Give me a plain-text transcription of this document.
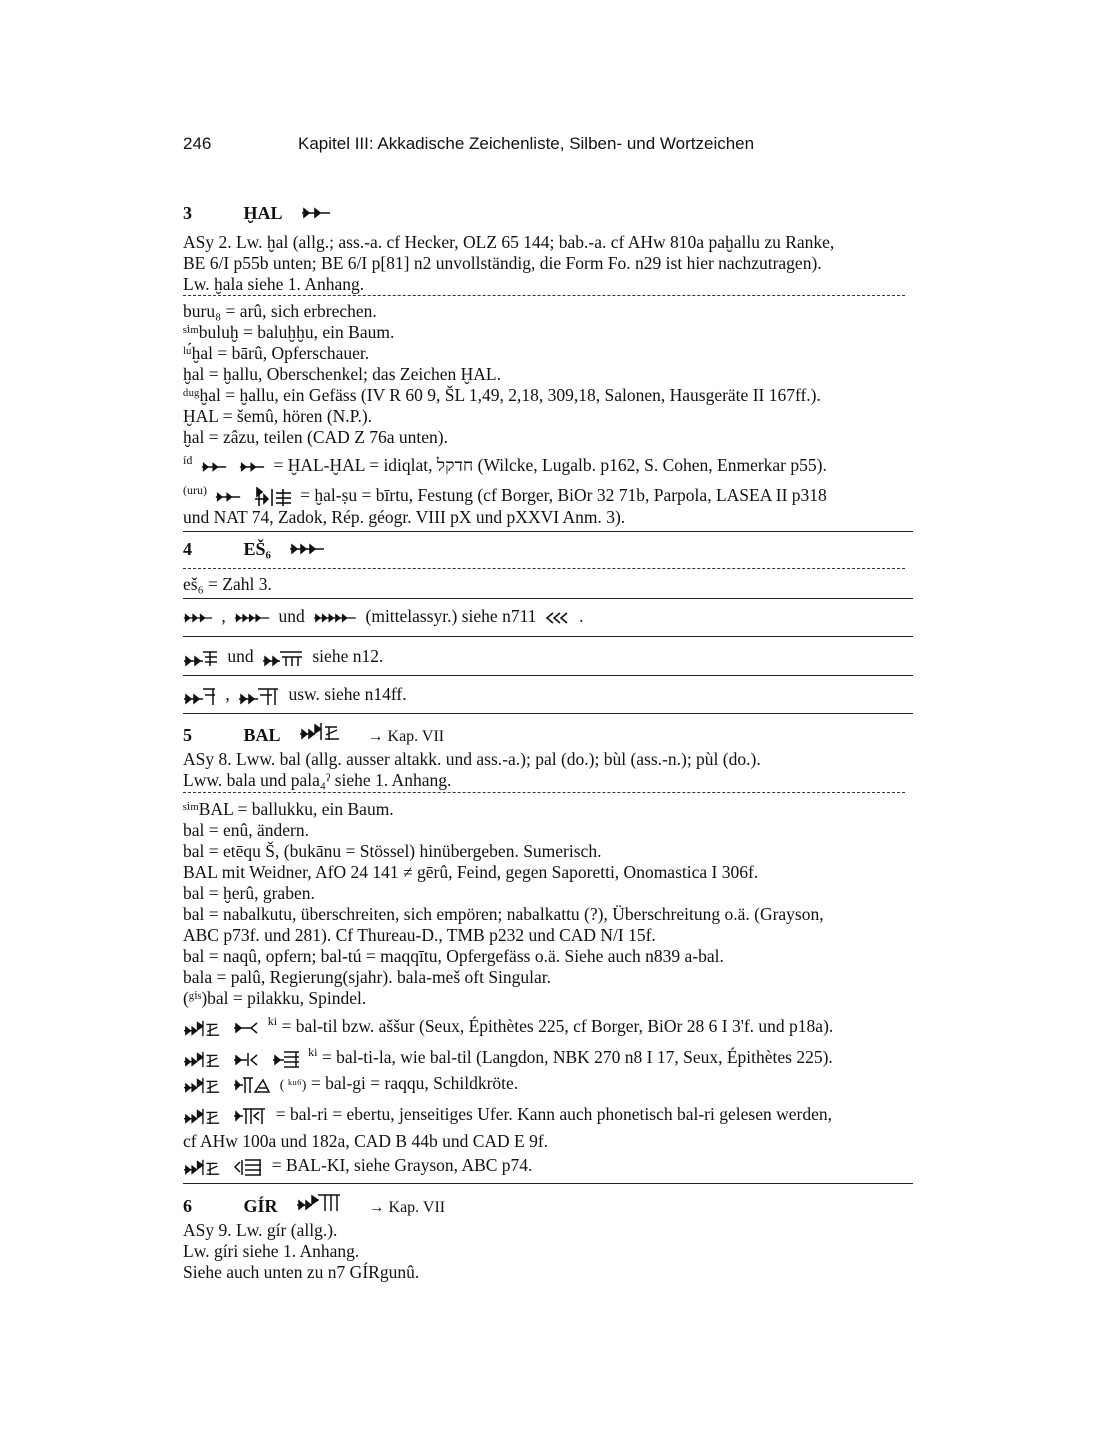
246	Kapitel III: Akkadische Zeichenliste, Silben- und Wortzeichen
3	ḪAL
ASy 2. Lw. ḫal (allg.; ass.-a. cf Hecker, OLZ 65 144; bab.-a. cf AHw 810a paḫallu zu Ranke,
BE 6/I p55b unten; BE 6/I p[81] n2 unvollständig, die Form Fo. n29 ist hier nachzutragen).
Lw. ḫala siehe 1. Anhang.
buru₈ = arû, sich erbrechen.
ˢⁱᵐbuluḫ = baluḫḫu, ein Baum.
ˡᵘ́ḫal = bārû, Opferschauer.
ḫal = ḫallu, Oberschenkel; das Zeichen ḪAL.
ᵈᵘᵍḫal = ḫallu, ein Gefäss (IV R 60 9, ŠL 1,49, 2,18, 309,18, Salonen, Hausgeräte II 167ff.).
ḪAL = šemû, hören (N.P.).
ḫal = zâzu, teilen (CAD Z 76a unten).
$^{íd}$
	= ḪAL-ḪAL = idiqlat, חדקל (Wilcke, Lugalb. p162, S. Cohen, Enmerkar p55).
$^{(uru)}$
	= ḫal-ṣu = bīrtu, Festung (cf Borger, BiOr 32 71b, Parpola, LASEA II p318
und NAT 74, Zadok, Rép. géogr. VIII pX und pXXVI Anm. 3).
4	EŠ₆
eš₆ = Zahl 3.
,	und	(mittelassyr.) siehe n711 .
und	siehe n12.
,	usw. siehe n14ff.
5	BAL	→ Kap. VII
ASy 8. Lww. bal (allg. ausser altakk. und ass.-a.); pal (do.); bùl (ass.-n.); pùl (do.).
Lww. bala und pala₄ˀ siehe 1. Anhang.
ˢⁱᵐBAL = ballukku, ein Baum.
bal = enû, ändern.
bal = etēqu Š, (bukānu = Stössel) hinübergeben. Sumerisch.
BAL mit Weidner, AfO 24 141 ≠ gērû, Feind, gegen Saporetti, Onomastica I 306f.
bal = ḫerû, graben.
bal = nabalkutu, überschreiten, sich empören; nabalkattu (?), Überschreitung o.ä. (Grayson,
ABC p73f. und 281). Cf Thureau-D., TMB p232 und CAD N/I 15f.
bal = naqû, opfern; bal-tú = maqqītu, Opfergefäss o.ä. Siehe auch n839 a-bal.
bala = palû, Regierung(sjahr). bala-meš oft Singular.
(ᵍⁱˢ)bal = pilakku, Spindel.

$^{ki}$ = bal-til bzw. aššur (Seux, Épithètes 225, cf Borger, BiOr 28 6 I 3'f. und p18a).

$^{ki}$ = bal-ti-la, wie bal-til (Langdon, NBK 270 n8 I 17, Seux, Épithètes 225).

( ᵏᵘ⁶) = bal-gi = raqqu, Schildkröte.

= bal-ri = ebertu, jenseitiges Ufer. Kann auch phonetisch bal-ri gelesen werden,
cf AHw 100a und 182a, CAD B 44b und CAD E 9f.

= BAL-KI, siehe Grayson, ABC p74.
6	GÍR	→ Kap. VII
ASy 9. Lw. gír (allg.).
Lw. gíri siehe 1. Anhang.
Siehe auch unten zu n7 GÍRgunû.
